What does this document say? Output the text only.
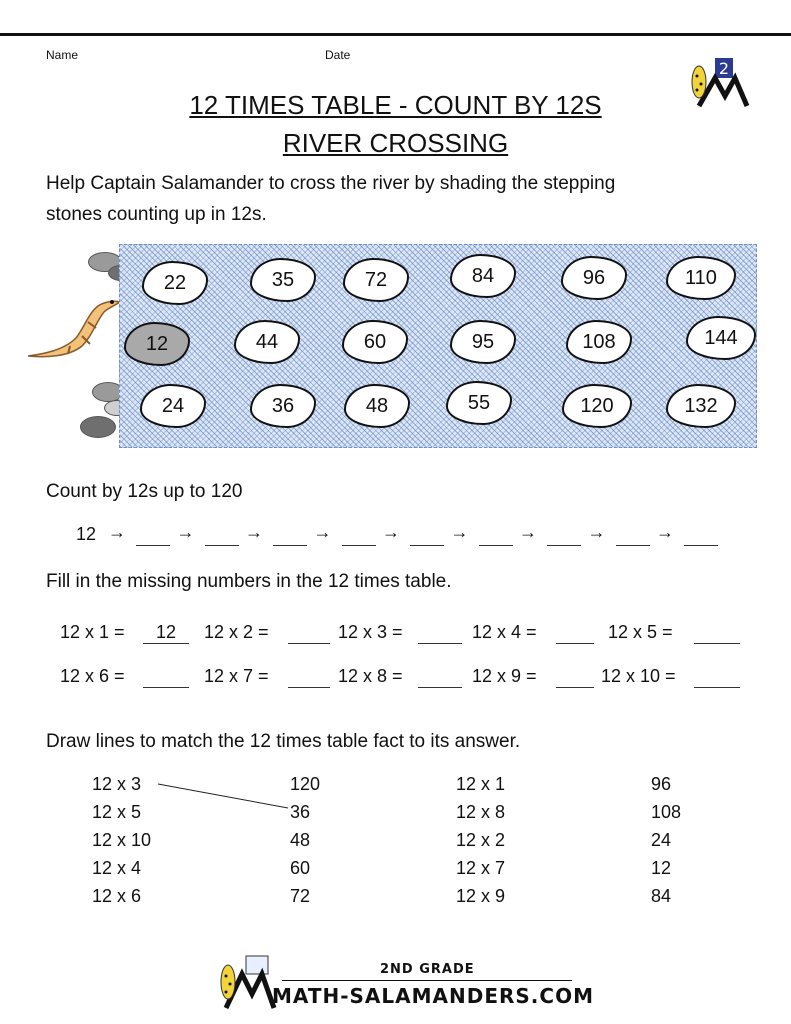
Name	Date
2
12 TIMES TABLE - COUNT BY 12S
RIVER CROSSING
Help Captain Salamander to cross the river by shading the stepping
stones counting up in 12s.
22	35	72	84	96	110
12	44	60	95	108	144
24	36	48	55	120	132
Count by 12s up to 120
12 →	→	→	→	→	→	→	→	→
Fill in the missing numbers in the 12 times table.
12 x 1 =	12	12 x 2 =	12 x 3 =	12 x 4 =	12 x 5 =
12 x 6 =	12 x 7 =	12 x 8 =	12 x 9 =	12 x 10 =
Draw lines to match the 12 times table fact to its answer.
12 x 3
12 x 5
12 x 10
12 x 4
12 x 6
120
36
48
60
72
12 x 1
12 x 8
12 x 2
12 x 7
12 x 9
96
108
24
12
84
2ND GRADE
MATH-SALAMANDERS.COM
